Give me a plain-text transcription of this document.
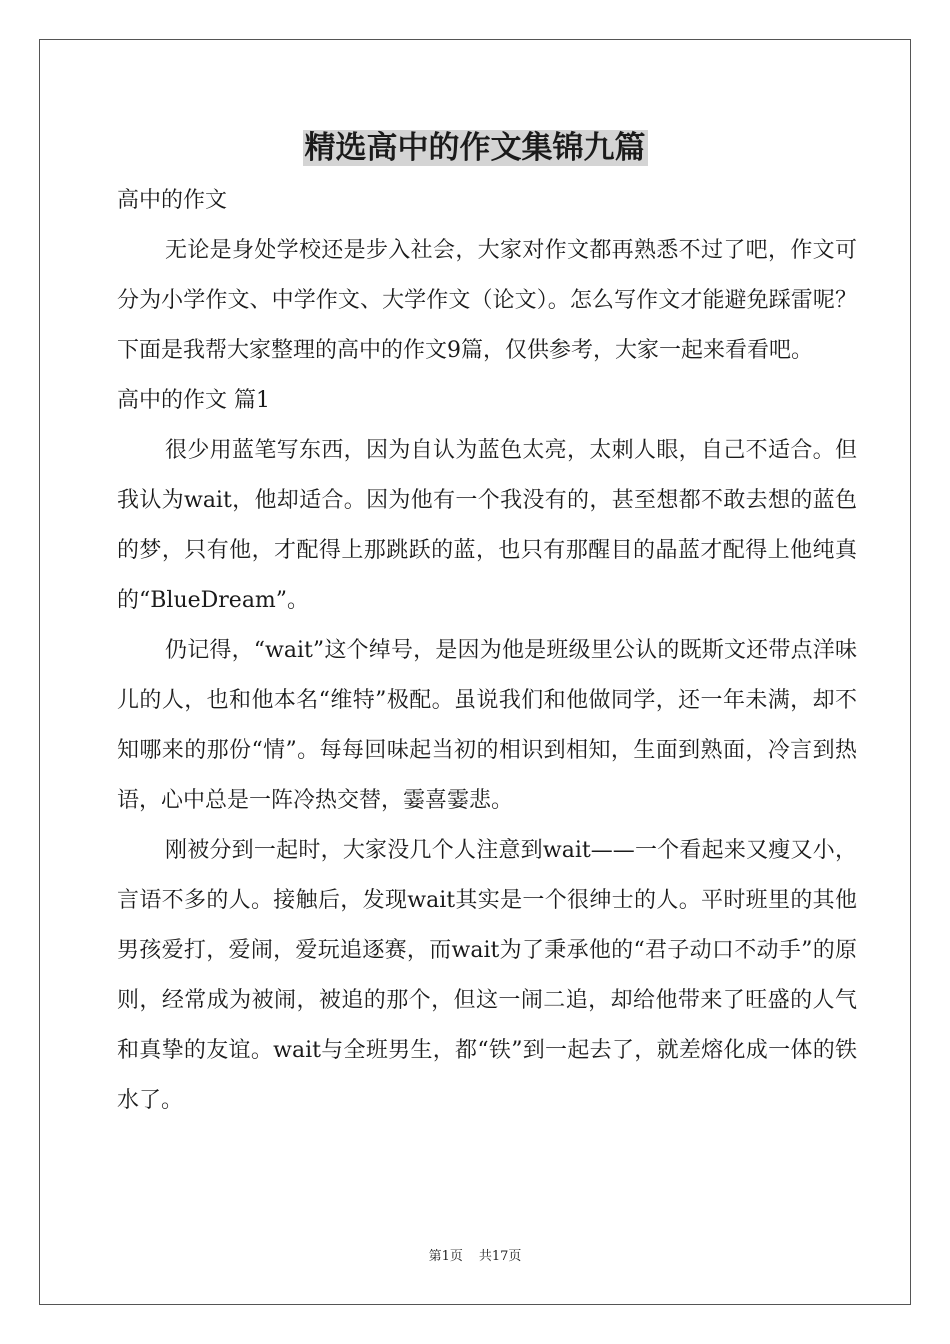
精选高中的作文集锦九篇

高中的作文

无论是身处学校还是步入社会，大家对作文都再熟悉不过了吧，作文可分为小学作文、中学作文、大学作文（论文）。怎么写作文才能避免踩雷呢？下面是我帮大家整理的高中的作文9篇，仅供参考，大家一起来看看吧。

高中的作文 篇1

很少用蓝笔写东西，因为自认为蓝色太亮，太刺人眼，自己不适合。但我认为wait，他却适合。因为他有一个我没有的，甚至想都不敢去想的蓝色的梦，只有他，才配得上那跳跃的蓝，也只有那醒目的晶蓝才配得上他纯真的“BlueDream”。

仍记得，“wait”这个绰号，是因为他是班级里公认的既斯文还带点洋味儿的人，也和他本名“维特”极配。虽说我们和他做同学，还一年未满，却不知哪来的那份“情”。每每回味起当初的相识到相知，生面到熟面，冷言到热语，心中总是一阵冷热交替，霎喜霎悲。

刚被分到一起时，大家没几个人注意到wait——一个看起来又瘦又小，言语不多的人。接触后，发现wait其实是一个很绅士的人。平时班里的其他男孩爱打，爱闹，爱玩追逐赛，而wait为了秉承他的“君子动口不动手”的原则，经常成为被闹，被追的那个，但这一闹二追，却给他带来了旺盛的人气和真挚的友谊。wait与全班男生，都“铁”到一起去了，就差熔化成一体的铁水了。

第1页 共17页
